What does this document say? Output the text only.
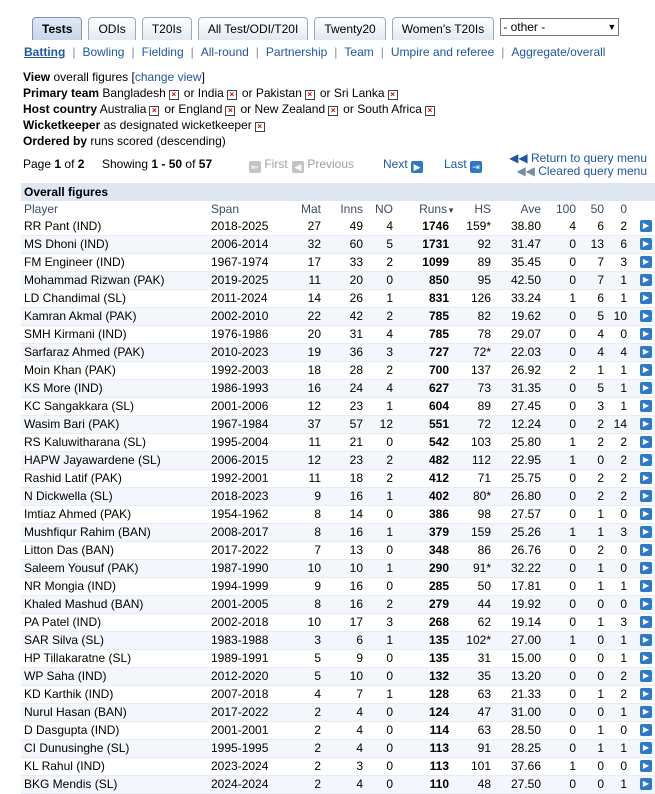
Tests	ODIs	T20Is	All Test/ODI/T20I	Twenty20	Women's T20Is	- other -	▼
Batting | Bowling | Fielding | All-round | Partnership | Team | Umpire and referee | Aggregate/overall
View overall figures [change view]
Primary team Bangladesh × or India × or Pakistan × or Sri Lanka ×
Host country Australia × or England × or New Zealand × or South Africa ×
Wicketkeeper as designated wicketkeeper ×
Ordered by runs scored (descending)
Page 1 of 2 Showing 1 - 50 of 57	⇤ First ◀ Previous Next ▶ Last ⇥
◀◀ Return to query menu
◀◀ Cleared query menu
Overall figures
Player	Span	Mat	Inns	NO	Runs▼	HS	Ave	100	50	0
RR Pant (IND)	2018-2025	27	49	4	1746	159*	38.80	4	6	2	▶
MS Dhoni (IND)	2006-2014	32	60	5	1731	92	31.47	0	13	6	▶
FM Engineer (IND)	1967-1974	17	33	2	1099	89	35.45	0	7	3	▶
Mohammad Rizwan (PAK)	2019-2025	11	20	0	850	95	42.50	0	7	1	▶
LD Chandimal (SL)	2011-2024	14	26	1	831	126	33.24	1	6	1	▶
Kamran Akmal (PAK)	2002-2010	22	42	2	785	82	19.62	0	5 10	▶
SMH Kirmani (IND)	1976-1986	20	31	4	785	78	29.07	0	4	0	▶
Sarfaraz Ahmed (PAK)	2010-2023	19	36	3	727	72*	22.03	0	4	4	▶
Moin Khan (PAK)	1992-2003	18	28	2	700	137	26.92	2	1	1	▶
KS More (IND)	1986-1993	16	24	4	627	73	31.35	0	5	1	▶
KC Sangakkara (SL)	2001-2006	12	23	1	604	89	27.45	0	3	1	▶
Wasim Bari (PAK)	1967-1984	37	57	12	551	72	12.24	0	2 14	▶
RS Kaluwitharana (SL)	1995-2004	11	21	0	542	103	25.80	1	2	2	▶
HAPW Jayawardene (SL)	2006-2015	12	23	2	482	112	22.95	1	0	2	▶
Rashid Latif (PAK)	1992-2001	11	18	2	412	71	25.75	0	2	2	▶
N Dickwella (SL)	2018-2023	9	16	1	402	80*	26.80	0	2	2	▶
Imtiaz Ahmed (PAK)	1954-1962	8	14	0	386	98	27.57	0	1	0	▶
Mushfiqur Rahim (BAN)	2008-2017	8	16	1	379	159	25.26	1	1	3	▶
Litton Das (BAN)	2017-2022	7	13	0	348	86	26.76	0	2	0	▶
Saleem Yousuf (PAK)	1987-1990	10	10	1	290	91*	32.22	0	1	0	▶
NR Mongia (IND)	1994-1999	9	16	0	285	50	17.81	0	1	1	▶
Khaled Mashud (BAN)	2001-2005	8	16	2	279	44	19.92	0	0	0	▶
PA Patel (IND)	2002-2018	10	17	3	268	62	19.14	0	1	3	▶
SAR Silva (SL)	1983-1988	3	6	1	135	102*	27.00	1	0	1	▶
HP Tillakaratne (SL)	1989-1991	5	9	0	135	31	15.00	0	0	1	▶
WP Saha (IND)	2012-2020	5	10	0	132	35	13.20	0	0	2	▶
KD Karthik (IND)	2007-2018	4	7	1	128	63	21.33	0	1	2	▶
Nurul Hasan (BAN)	2017-2022	2	4	0	124	47	31.00	0	0	1	▶
D Dasgupta (IND)	2001-2001	2	4	0	114	63	28.50	0	1	0	▶
CI Dunusinghe (SL)	1995-1995	2	4	0	113	91	28.25	0	1	1	▶
KL Rahul (IND)	2023-2024	2	3	0	113	101	37.66	1	0	0	▶
BKG Mendis (SL)	2024-2024	2	4	0	110	48	27.50	0	0	1	▶
